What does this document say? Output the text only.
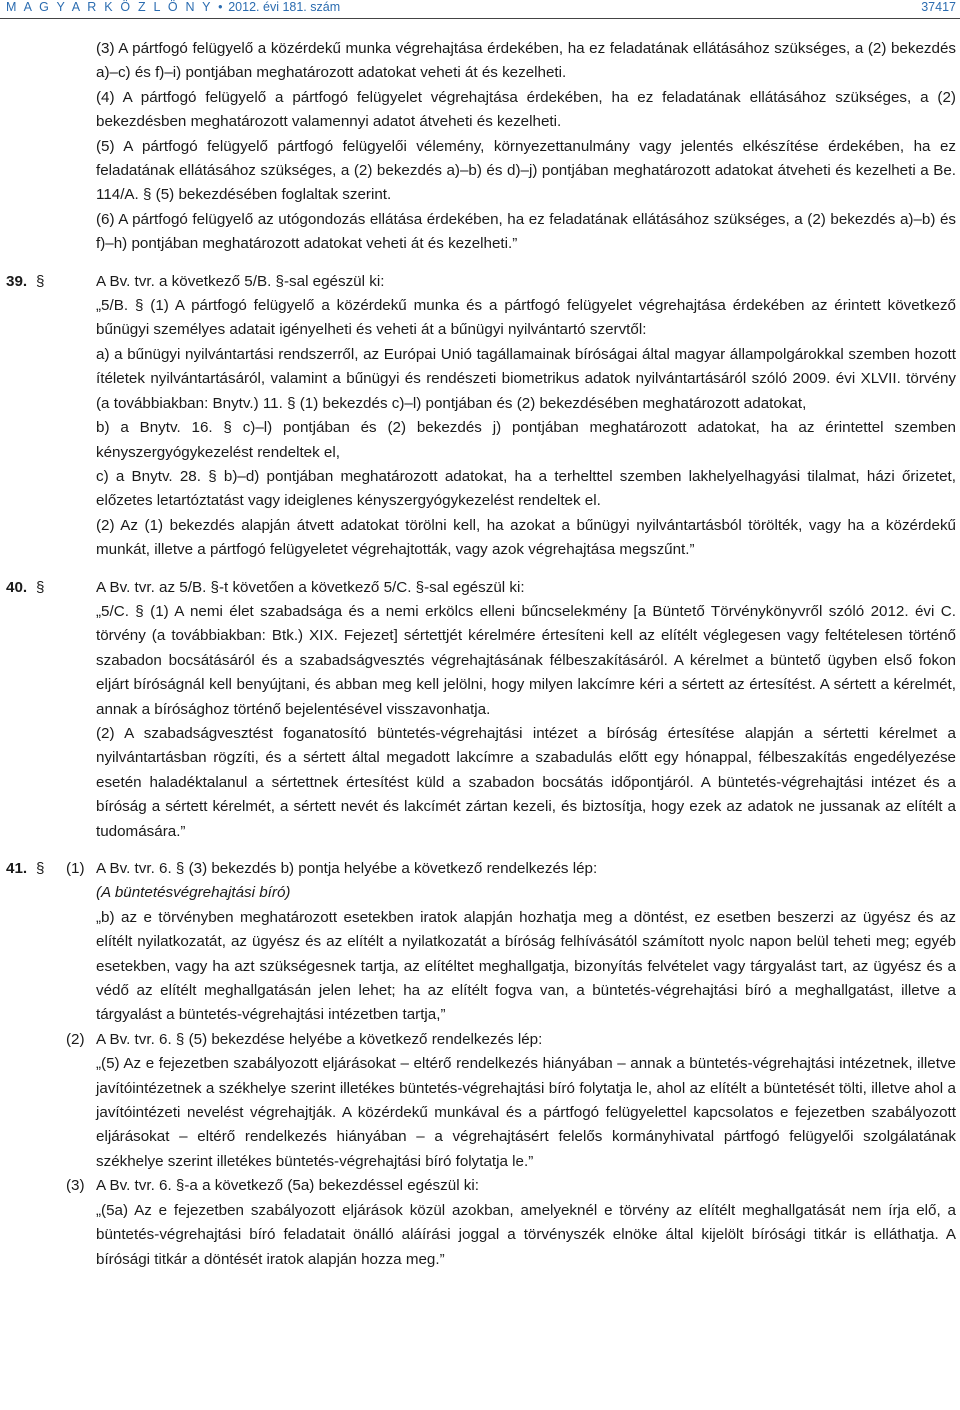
M A G Y A R K Ö Z L Ö N Y • 2012. évi 181. szám	37417

(3) A pártfogó felügyelő a közérdekű munka végrehajtása érdekében, ha ez feladatának ellátásához szükséges, a (2) bekezdés a)–c) és f)–i) pontjában meghatározott adatokat veheti át és kezelheti.

(4) A pártfogó felügyelő a pártfogó felügyelet végrehajtása érdekében, ha ez feladatának ellátásához szükséges, a (2) bekezdésben meghatározott valamennyi adatot átveheti és kezelheti.

(5) A pártfogó felügyelő pártfogó felügyelői vélemény, környezettanulmány vagy jelentés elkészítése érdekében, ha ez feladatának ellátásához szükséges, a (2) bekezdés a)–b) és d)–j) pontjában meghatározott adatokat átveheti és kezelheti a Be. 114/A. § (5) bekezdésében foglaltak szerint.

(6) A pártfogó felügyelő az utógondozás ellátása érdekében, ha ez feladatának ellátásához szükséges, a (2) bekezdés a)–b) és f)–h) pontjában meghatározott adatokat veheti át és kezelheti.”

39. §	A Bv. tvr. a következő 5/B. §-sal egészül ki:

„5/B. § (1) A pártfogó felügyelő a közérdekű munka és a pártfogó felügyelet végrehajtása érdekében az érintett következő bűnügyi személyes adatait igényelheti és veheti át a bűnügyi nyilvántartó szervtől:

a) a bűnügyi nyilvántartási rendszerről, az Európai Unió tagállamainak bíróságai által magyar állampolgárokkal szemben hozott ítéletek nyilvántartásáról, valamint a bűnügyi és rendészeti biometrikus adatok nyilvántartásáról szóló 2009. évi XLVII. törvény (a továbbiakban: Bnytv.) 11. § (1) bekezdés c)–l) pontjában és (2) bekezdésében meghatározott adatokat,

b) a Bnytv. 16. § c)–l) pontjában és (2) bekezdés j) pontjában meghatározott adatokat, ha az érintettel szemben kényszergyógykezelést rendeltek el,

c) a Bnytv. 28. § b)–d) pontjában meghatározott adatokat, ha a terhelttel szemben lakhelyelhagyási tilalmat, házi őrizetet, előzetes letartóztatást vagy ideiglenes kényszergyógykezelést rendeltek el.

(2) Az (1) bekezdés alapján átvett adatokat törölni kell, ha azokat a bűnügyi nyilvántartásból törölték, vagy ha a közérdekű munkát, illetve a pártfogó felügyeletet végrehajtották, vagy azok végrehajtása megszűnt.”

40. §	A Bv. tvr. az 5/B. §-t követően a következő 5/C. §-sal egészül ki:

„5/C. § (1) A nemi élet szabadsága és a nemi erkölcs elleni bűncselekmény [a Büntető Törvénykönyvről szóló 2012. évi C. törvény (a továbbiakban: Btk.) XIX. Fejezet] sértettjét kérelmére értesíteni kell az elítélt véglegesen vagy feltételesen történő szabadon bocsátásáról és a szabadságvesztés végrehajtásának félbeszakításáról. A kérelmet a büntető ügyben első fokon eljárt bíróságnál kell benyújtani, és abban meg kell jelölni, hogy milyen lakcímre kéri a sértett az értesítést. A sértett a kérelmét, annak a bírósághoz történő bejelentésével visszavonhatja.

(2) A szabadságvesztést foganatosító büntetés-végrehajtási intézet a bíróság értesítése alapján a sértetti kérelmet a nyilvántartásban rögzíti, és a sértett által megadott lakcímre a szabadulás előtt egy hónappal, félbeszakítás engedélyezése esetén haladéktalanul a sértettnek értesítést küld a szabadon bocsátás időpontjáról. A büntetés-végrehajtási intézet és a bíróság a sértett kérelmét, a sértett nevét és lakcímét zártan kezeli, és biztosítja, hogy ezek az adatok ne jussanak az elítélt a tudomására.”

41. § (1) A Bv. tvr. 6. § (3) bekezdés b) pontja helyébe a következő rendelkezés lép:

(A büntetésvégrehajtási bíró)

„b) az e törvényben meghatározott esetekben iratok alapján hozhatja meg a döntést, ez esetben beszerzi az ügyész és az elítélt nyilatkozatát, az ügyész és az elítélt a nyilatkozatát a bíróság felhívásától számított nyolc napon belül teheti meg; egyéb esetekben, vagy ha azt szükségesnek tartja, az elítéltet meghallgatja, bizonyítás felvételet vagy tárgyalást tart, az ügyész és a védő az elítélt meghallgatásán jelen lehet; ha az elítélt fogva van, a büntetés-végrehajtási bíró a meghallgatást, illetve a tárgyalást a büntetés-végrehajtási intézetben tartja,”

(2) A Bv. tvr. 6. § (5) bekezdése helyébe a következő rendelkezés lép:

„(5) Az e fejezetben szabályozott eljárásokat – eltérő rendelkezés hiányában – annak a büntetés-végrehajtási intézetnek, illetve javítóintézetnek a székhelye szerint illetékes büntetés-végrehajtási bíró folytatja le, ahol az elítélt a büntetését tölti, illetve ahol a javítóintézeti nevelést végrehajtják. A közérdekű munkával és a pártfogó felügyelettel kapcsolatos e fejezetben szabályozott eljárásokat – eltérő rendelkezés hiányában – a végrehajtásért felelős kormányhivatal pártfogó felügyelői szolgálatának székhelye szerint illetékes büntetés-végrehajtási bíró folytatja le.”

(3) A Bv. tvr. 6. §-a a következő (5a) bekezdéssel egészül ki:

„(5a) Az e fejezetben szabályozott eljárások közül azokban, amelyeknél e törvény az elítélt meghallgatását nem írja elő, a büntetés-végrehajtási bíró feladatait önálló aláírási joggal a törvényszék elnöke által kijelölt bírósági titkár is elláthatja. A bírósági titkár a döntését iratok alapján hozza meg.”
